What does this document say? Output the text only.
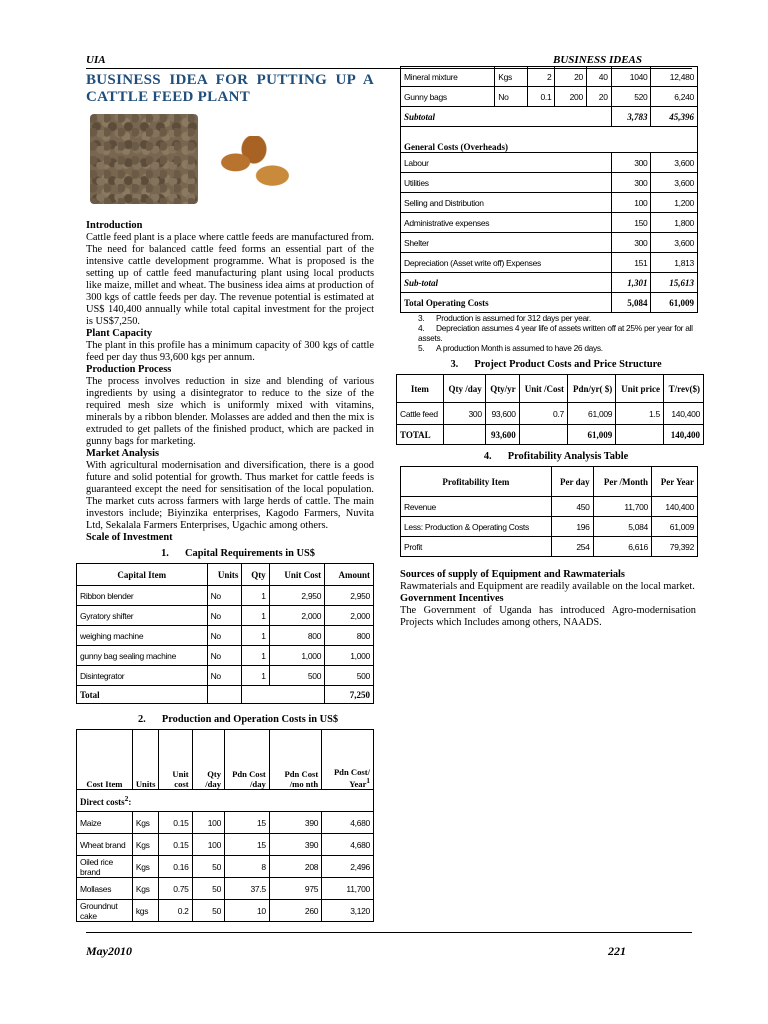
UIA	BUSINESS IDEAS
BUSINESS IDEA FOR PUTTING UP A CATTLE FEED PLANT
Introduction

Cattle feed plant is a place where cattle feeds are manufactured from. The need for balanced cattle feed forms an essential part of the intensive cattle development programme. What is proposed is the setting up of cattle feed manufacturing plant using local products like maize, millet and wheat. The business idea aims at production of 300 kgs of cattle feeds per day. The revenue potential is estimated at US$ 140,400 annually while total capital investment for the project is US$7,250.

Plant Capacity

The plant in this profile has a minimum capacity of 300 kgs of cattle feed per day thus 93,600 kgs per annum.

Production Process

The process involves reduction in size and blending of various ingredients by using a disintegrator to reduce to the size of the required mesh size which is uniformly mixed with vitamins, minerals by a ribbon blender. Molasses are added and then the mix is extruded to get pallets of the finished product, which are packed in gunny bags for marketing.

Market Analysis

With agricultural modernisation and diversification, there is a good future and solid potential for growth. Thus market for cattle feeds is guaranteed except the need for sensitisation of the local population. The market cuts across farmers with large herds of cattle. The main investors include; Biyinzika enterprises, Kagodo Farmers, Nuvita Ltd, Sekalala Farmers Enterprises, Ugachic among others.

Scale of Investment
1. Capital Requirements in US$
Capital Item	Units	Qty	Unit Cost	Amount
Ribbon blender	No	1	2,950	2,950
Gyratory shifter	No	1	2,000	2,000
weighing machine	No	1	800	800
gunny bag sealing machine	No	1	1,000	1,000
Disintegrator	No	1	500	500
Total				7,250
2. Production and Operation Costs in US$
Cost Item	Units	Unit cost	Qty /day	Pdn Cost /day	Pdn Cost /mo nth	Pdn Cost/ Year$^1$
Direct costs$^2$:						
Maize	Kgs	0.15	100	15	390	4,680
Wheat brand	Kgs	0.15	100	15	390	4,680
Oiled rice brand	Kgs	0.16	50	8	208	2,496
Mollases	Kgs	0.75	50	37.5	975	11,700
Groundnut cake	kgs	0.2	50	10	260	3,120
Mineral mixture	Kgs	2	20	40	1040	12,480
Gunny bags	No	0.1	200	20	520	6,240
Subtotal					3,783	45,396
General Costs (Overheads)						
Labour					300	3,600
Utilities					300	3,600
Selling and Distribution					100	1,200
Administrative expenses					150	1,800
Shelter					300	3,600
Depreciation (Asset write off) Expenses					151	1,813
Sub-total					1,301	15,613
Total Operating Costs					5,084	61,009
3. Production is assumed for 312 days per year.
4. Depreciation assumes 4 year life of assets written off at 25% per year for all assets.
5. A production Month is assumed to have 26 days.
3. Project Product Costs and Price Structure
Item	Qty /day	Qty/yr	Unit /Cost	Pdn/yr( $)	Unit price	T/rev($)
Cattle feed	300	93,600	0.7	61,009	1.5	140,400
TOTAL		93,600		61,009		140,400
4. Profitability Analysis Table
Profitability Item	Per day	Per /Month	Per Year
Revenue	450	11,700	140,400
Less: Production & Operating Costs	196	5,084	61,009
Profit	254	6,616	79,392
Sources of supply of Equipment and Rawmaterials

Rawmaterials and Equipment are readily available on the local market.

Government Incentives

The Government of Uganda has introduced Agro-modernisation Projects which Includes among others, NAADS.

May2010	221
